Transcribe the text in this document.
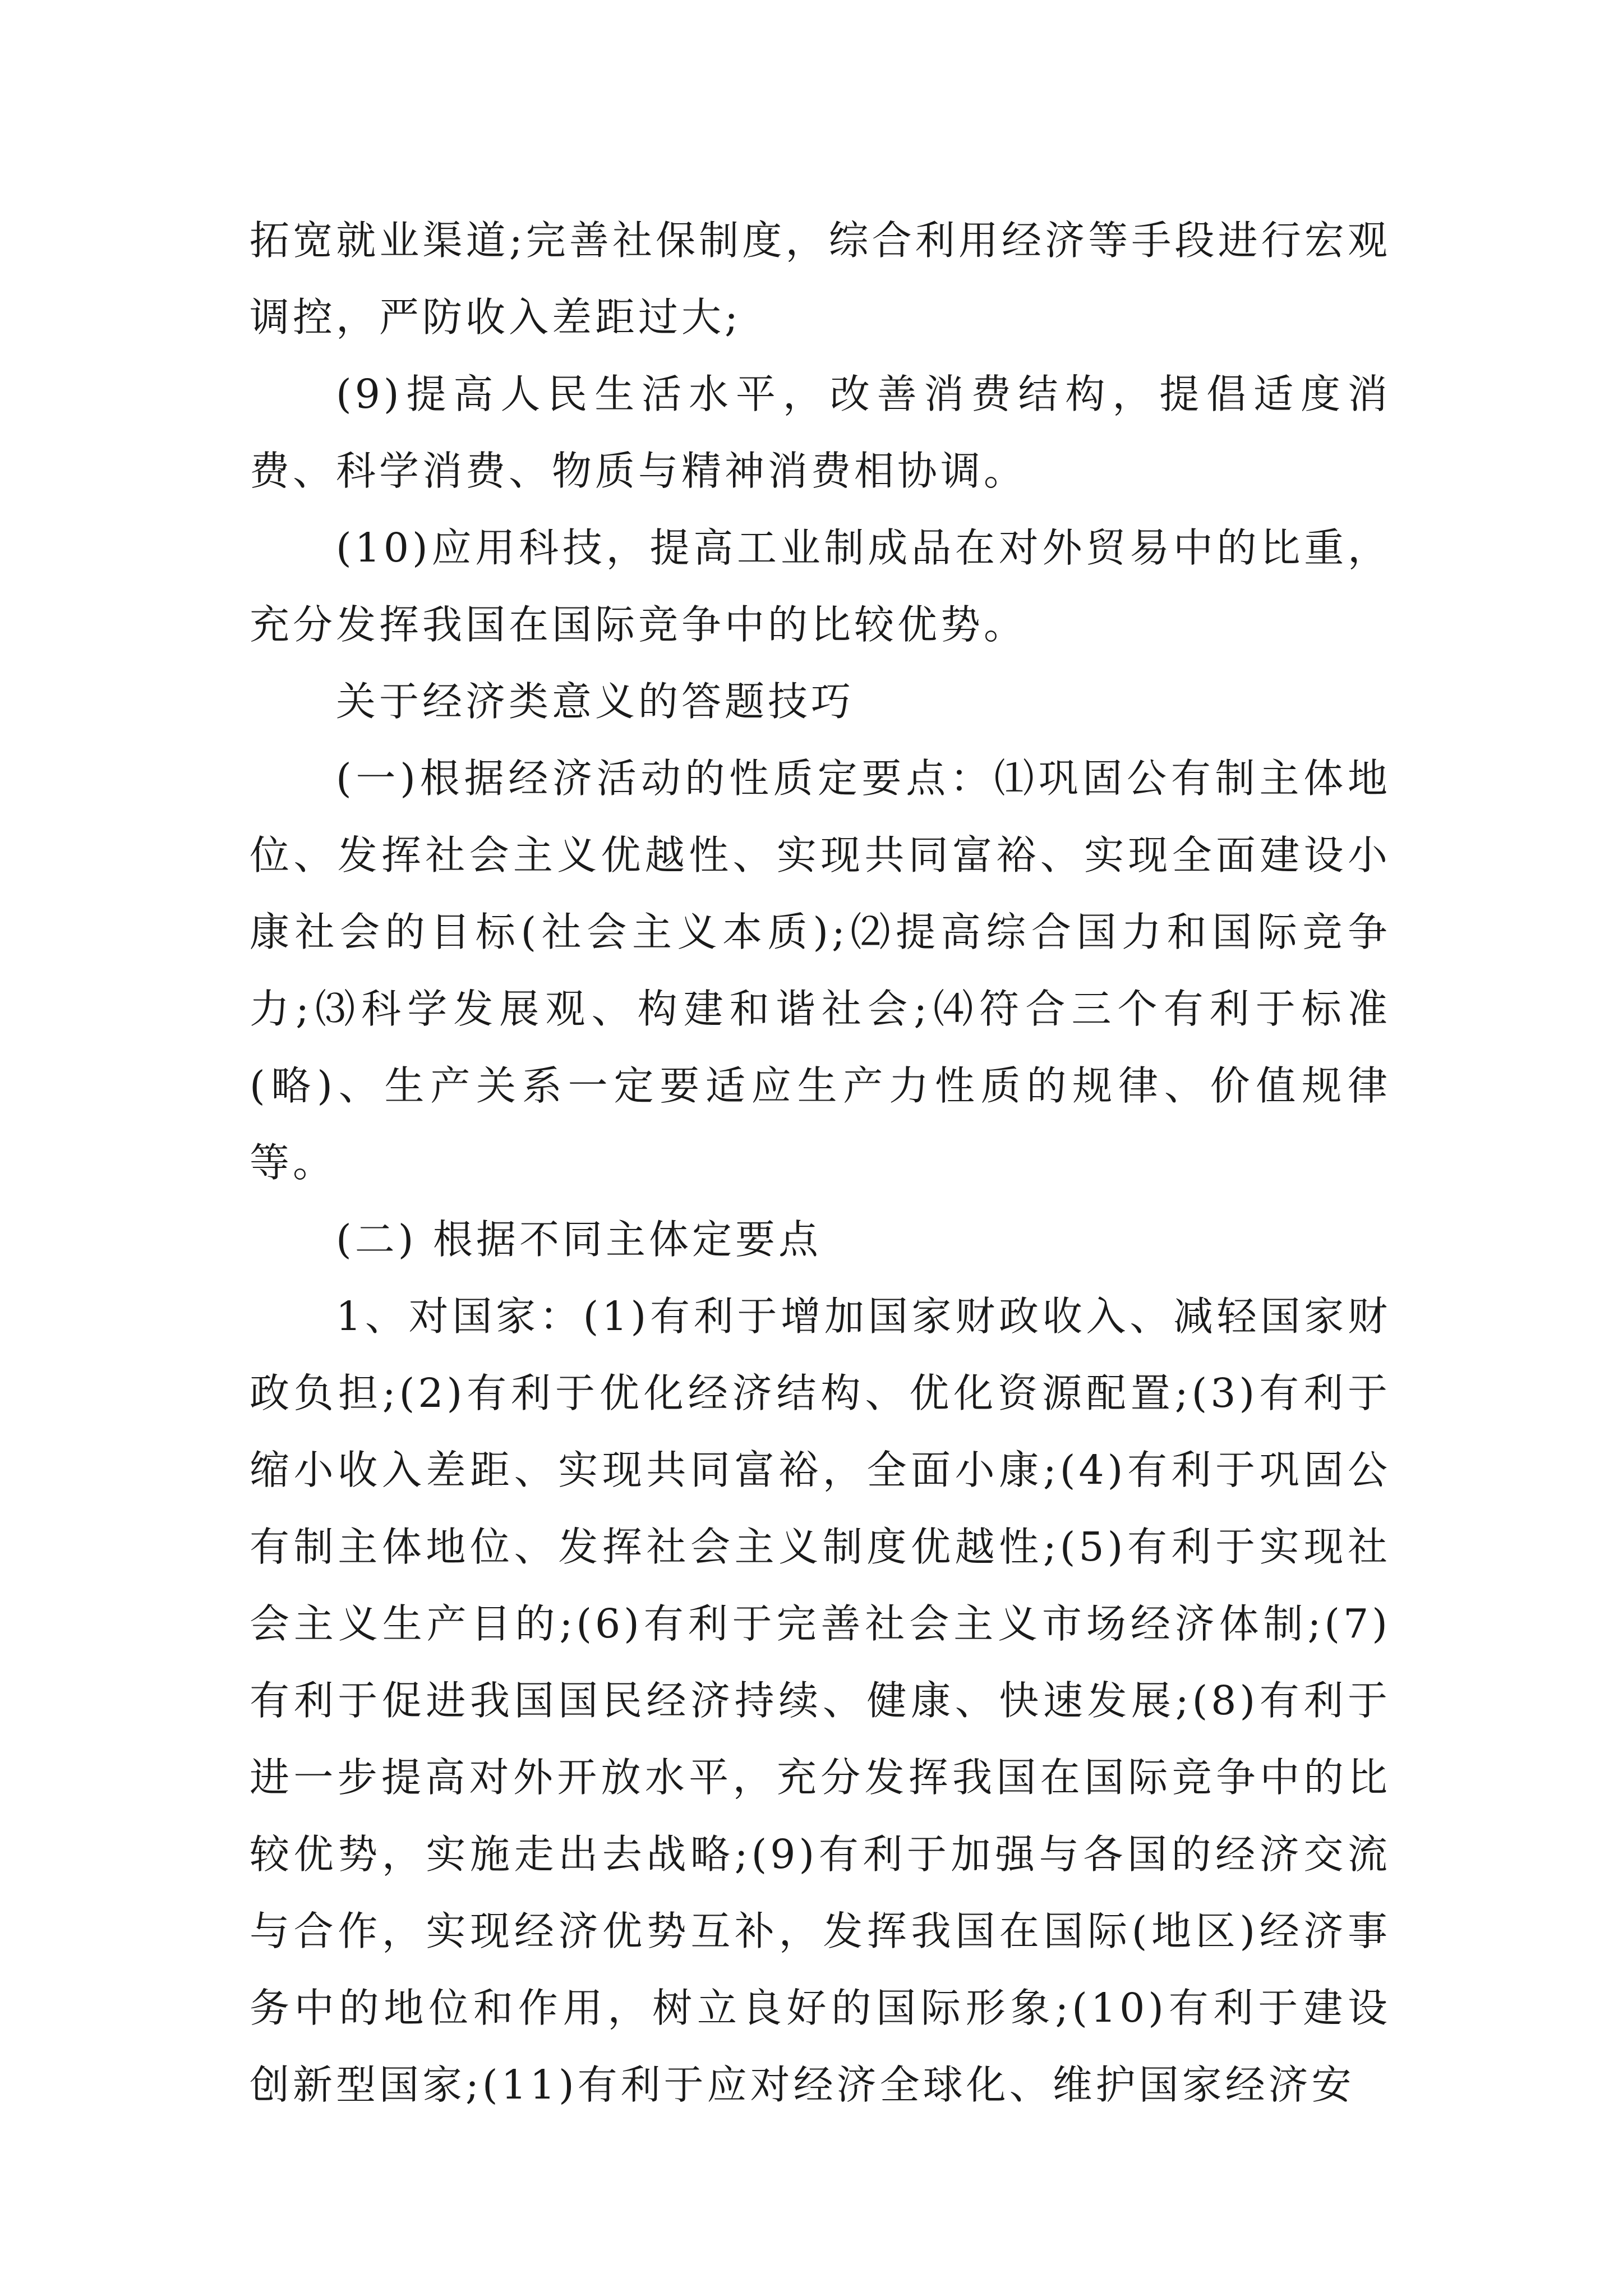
拓宽就业渠道;完善社保制度，综合利用经济等手段进行宏观调控，严防收入差距过大;

(9)提高人民生活水平，改善消费结构，提倡适度消费、科学消费、物质与精神消费相协调。

(10)应用科技，提高工业制成品在对外贸易中的比重，充分发挥我国在国际竞争中的比较优势。

关于经济类意义的答题技巧

(一)根据经济活动的性质定要点：⑴巩固公有制主体地位、发挥社会主义优越性、实现共同富裕、实现全面建设小康社会的目标(社会主义本质);⑵提高综合国力和国际竞争力;⑶科学发展观、构建和谐社会;⑷符合三个有利于标准(略)、生产关系一定要适应生产力性质的规律、价值规律等。

(二) 根据不同主体定要点

1、对国家：(1)有利于增加国家财政收入、减轻国家财政负担;(2)有利于优化经济结构、优化资源配置;(3)有利于缩小收入差距、实现共同富裕，全面小康;(4)有利于巩固公有制主体地位、发挥社会主义制度优越性;(5)有利于实现社会主义生产目的;(6)有利于完善社会主义市场经济体制;(7)有利于促进我国国民经济持续、健康、快速发展;(8)有利于进一步提高对外开放水平，充分发挥我国在国际竞争中的比较优势，实施走出去战略;(9)有利于加强与各国的经济交流与合作，实现经济优势互补，发挥我国在国际(地区)经济事务中的地位和作用，树立良好的国际形象;(10)有利于建设创新型国家;(11)有利于应对经济全球化、维护国家经济安
